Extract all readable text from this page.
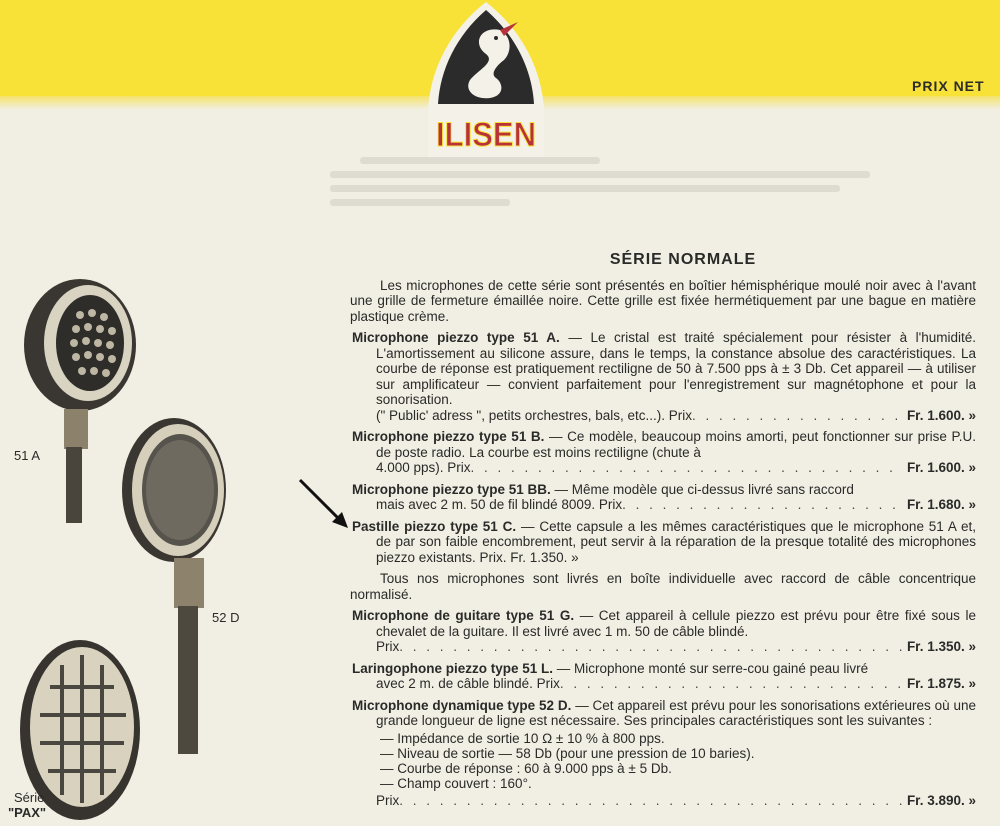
ILISEN
PRIX NET
51 A
52 D
Série
"PAX"
SÉRIE NORMALE
Les microphones de cette série sont présentés en boîtier hémisphérique moulé noir avec à l'avant une grille de fermeture émaillée noire. Cette grille est fixée hermétiquement par une bague en matière plastique crème.
Microphone piezzo type 51 A. — Le cristal est traité spécialement pour résister à l'humidité. L'amortissement au silicone assure, dans le temps, la constance absolue des caractéristiques. La courbe de réponse est pratiquement rectiligne de 50 à 7.500 pps à ± 3 Db. Cet appareil — à utiliser sur amplificateur — convient parfaitement pour l'enregistrement sur magnétophone et pour la sonorisation.
(" Public' adress ", petits orchestres, bals, etc...). Prix . . .	Fr. 1.600. »
Microphone piezzo type 51 B. — Ce modèle, beaucoup moins amorti, peut fonctionner sur prise P.U. de poste radio. La courbe est moins rectiligne (chute à
4.000 pps). Prix . . .	Fr. 1.600. »
Microphone piezzo type 51 BB. — Même modèle que ci-dessus livré sans raccord
mais avec 2 m. 50 de fil blindé 8009. Prix . . .	Fr. 1.680. »
Pastille piezzo type 51 C. — Cette capsule a les mêmes caractéristiques que le microphone 51 A et, de par son faible encombrement, peut servir à la réparation de la presque totalité des microphones piezzo existants. Prix. Fr. 1.350. »
Tous nos microphones sont livrés en boîte individuelle avec raccord de câble concentrique normalisé.
Microphone de guitare type 51 G. — Cet appareil à cellule piezzo est prévu pour être fixé sous le chevalet de la guitare. Il est livré avec 1 m. 50 de câble blindé.
Prix . . .	Fr. 1.350. »
Laringophone piezzo type 51 L. — Microphone monté sur serre-cou gainé peau livré
avec 2 m. de câble blindé. Prix . . .	Fr. 1.875. »
Microphone dynamique type 52 D. — Cet appareil est prévu pour les sonorisations extérieures où une grande longueur de ligne est nécessaire. Ses principales caractéristiques sont les suivantes :
— Impédance de sortie 10 Ω ± 10 % à 800 pps.
— Niveau de sortie — 58 Db (pour une pression de 10 baries).
— Courbe de réponse : 60 à 9.000 pps à ± 5 Db.
— Champ couvert : 160°.
Prix . . .	Fr. 3.890. »
